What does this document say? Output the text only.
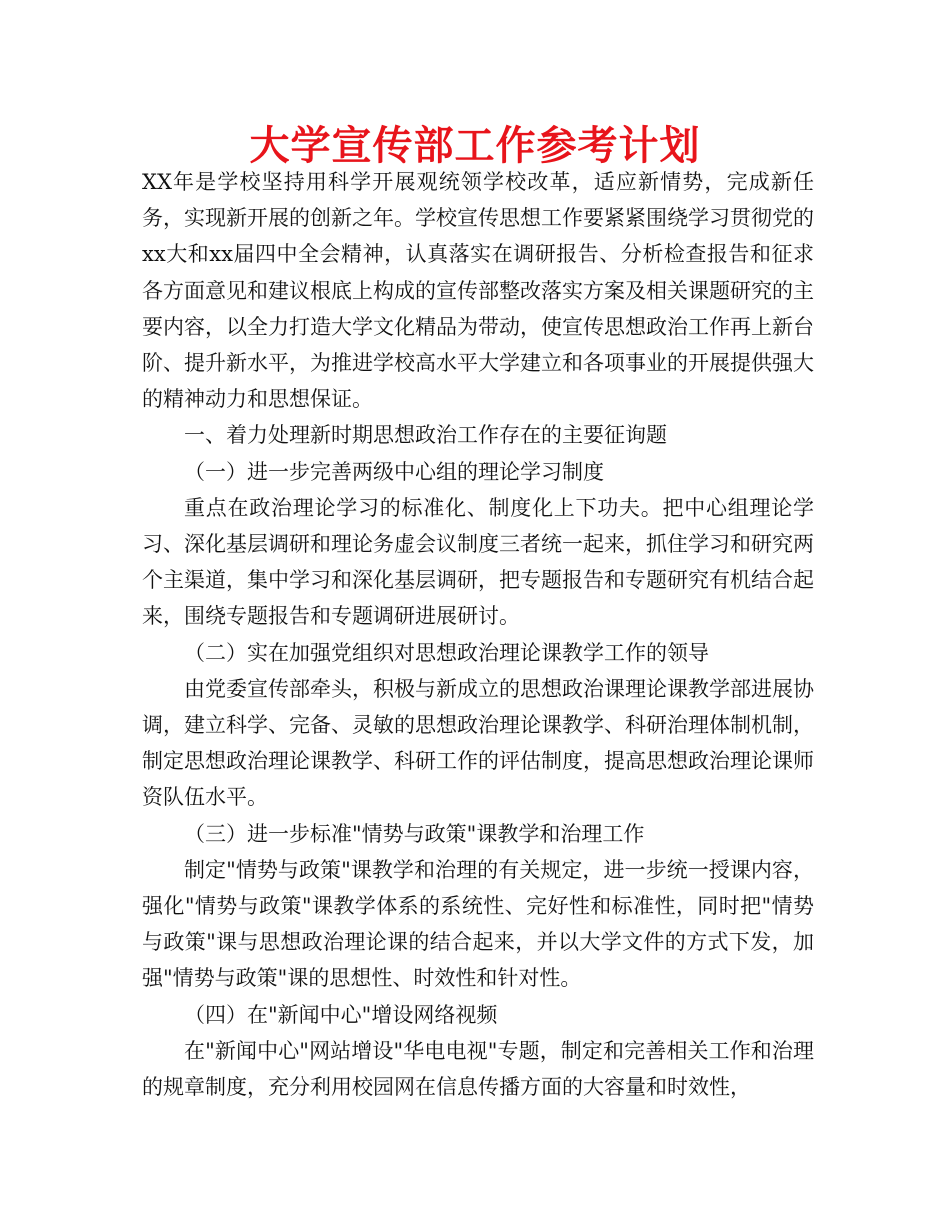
大学宣传部工作参考计划

XX年是学校坚持用科学开展观统领学校改革，适应新情势，完成新任务，实现新开展的创新之年。学校宣传思想工作要紧紧围绕学习贯彻党的xx大和xx届四中全会精神，认真落实在调研报告、分析检查报告和征求各方面意见和建议根底上构成的宣传部整改落实方案及相关课题研究的主要内容，以全力打造大学文化精品为带动，使宣传思想政治工作再上新台阶、提升新水平，为推进学校高水平大学建立和各项事业的开展提供强大的精神动力和思想保证。

一、着力处理新时期思想政治工作存在的主要征询题

（一）进一步完善两级中心组的理论学习制度

重点在政治理论学习的标准化、制度化上下功夫。把中心组理论学习、深化基层调研和理论务虚会议制度三者统一起来，抓住学习和研究两个主渠道，集中学习和深化基层调研，把专题报告和专题研究有机结合起来，围绕专题报告和专题调研进展研讨。

（二）实在加强党组织对思想政治理论课教学工作的领导

由党委宣传部牵头，积极与新成立的思想政治课理论课教学部进展协调，建立科学、完备、灵敏的思想政治理论课教学、科研治理体制机制，制定思想政治理论课教学、科研工作的评估制度，提高思想政治理论课师资队伍水平。

（三）进一步标准"情势与政策"课教学和治理工作

制定"情势与政策"课教学和治理的有关规定，进一步统一授课内容，强化"情势与政策"课教学体系的系统性、完好性和标准性，同时把"情势与政策"课与思想政治理论课的结合起来，并以大学文件的方式下发，加强"情势与政策"课的思想性、时效性和针对性。

（四）在"新闻中心"增设网络视频

在"新闻中心"网站增设"华电电视"专题，制定和完善相关工作和治理的规章制度，充分利用校园网在信息传播方面的大容量和时效性，
